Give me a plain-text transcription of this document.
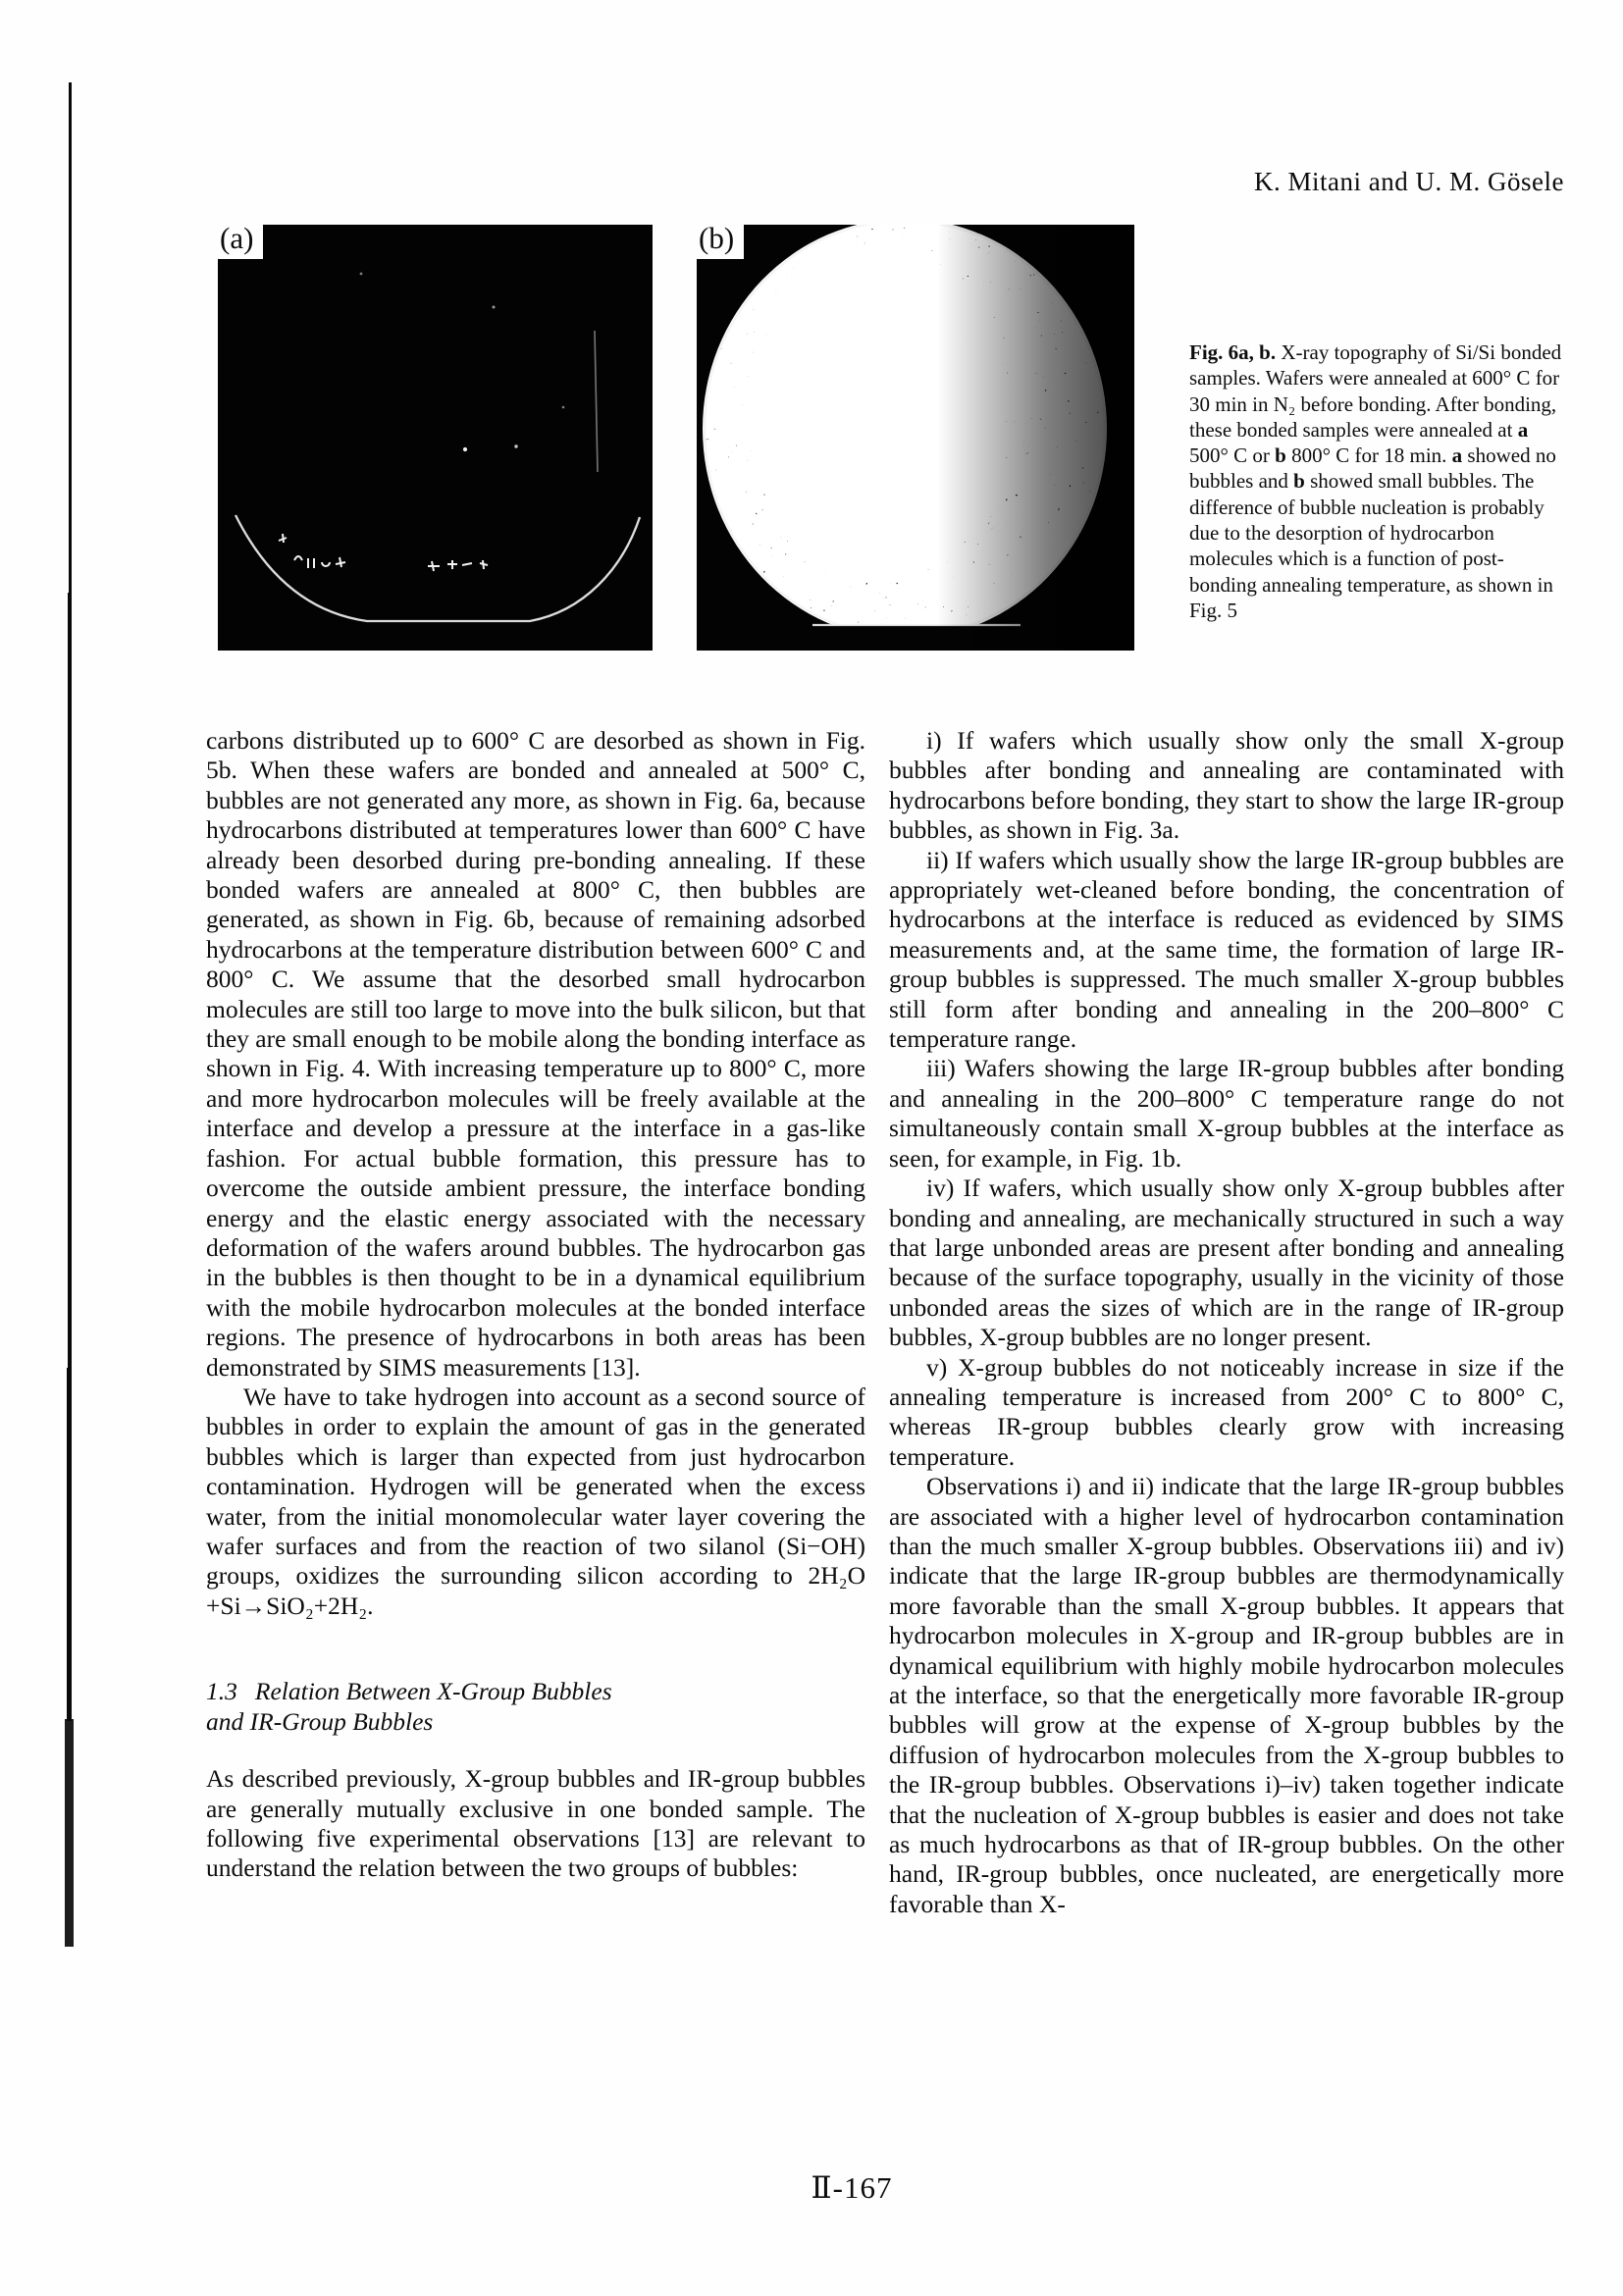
K. Mitani and U. M. Gösele
(a)	(b)
Fig. 6a, b. X-ray topography of Si/Si bonded samples. Wafers were annealed at 600° C for 30 min in N₂ before bonding. After bonding, these bonded samples were annealed at a 500° C or b 800° C for 18 min. a showed no bubbles and b showed small bubbles. The difference of bubble nucleation is probably due to the desorption of hydrocarbon molecules which is a function of post-bonding annealing temperature, as shown in Fig. 5

carbons distributed up to 600° C are desorbed as shown in Fig. 5b. When these wafers are bonded and annealed at 500° C, bubbles are not generated any more, as shown in Fig. 6a, because hydrocarbons distributed at temperatures lower than 600° C have already been desorbed during pre-bonding annealing. If these bonded wafers are annealed at 800° C, then bubbles are generated, as shown in Fig. 6b, because of remaining adsorbed hydrocarbons at the temperature distribution between 600° C and 800° C. We assume that the desorbed small hydrocarbon molecules are still too large to move into the bulk silicon, but that they are small enough to be mobile along the bonding interface as shown in Fig. 4. With increasing temperature up to 800° C, more and more hydrocarbon molecules will be freely available at the interface and develop a pressure at the interface in a gas-like fashion. For actual bubble formation, this pressure has to overcome the outside ambient pressure, the interface bonding energy and the elastic energy associated with the necessary deformation of the wafers around bubbles. The hydrocarbon gas in the bubbles is then thought to be in a dynamical equilibrium with the mobile hydrocarbon molecules at the bonded interface regions. The presence of hydrocarbons in both areas has been demonstrated by SIMS measurements [13].

We have to take hydrogen into account as a second source of bubbles in order to explain the amount of gas in the generated bubbles which is larger than expected from just hydrocarbon contamination. Hydrogen will be generated when the excess water, from the initial monomolecular water layer covering the wafer surfaces and from the reaction of two silanol (Si−OH) groups, oxidizes the surrounding silicon according to 2H₂O +Si→SiO₂+2H₂.

1.3 Relation Between X-Group Bubbles
and IR-Group Bubbles

As described previously, X-group bubbles and IR-group bubbles are generally mutually exclusive in one bonded sample. The following five experimental observations [13] are relevant to understand the relation between the two groups of bubbles:

i) If wafers which usually show only the small X-group bubbles after bonding and annealing are contaminated with hydrocarbons before bonding, they start to show the large IR-group bubbles, as shown in Fig. 3a.

ii) If wafers which usually show the large IR-group bubbles are appropriately wet-cleaned before bonding, the concentration of hydrocarbons at the interface is reduced as evidenced by SIMS measurements and, at the same time, the formation of large IR-group bubbles is suppressed. The much smaller X-group bubbles still form after bonding and annealing in the 200–800° C temperature range.

iii) Wafers showing the large IR-group bubbles after bonding and annealing in the 200–800° C temperature range do not simultaneously contain small X-group bubbles at the interface as seen, for example, in Fig. 1b.

iv) If wafers, which usually show only X-group bubbles after bonding and annealing, are mechanically structured in such a way that large unbonded areas are present after bonding and annealing because of the surface topography, usually in the vicinity of those unbonded areas the sizes of which are in the range of IR-group bubbles, X-group bubbles are no longer present.

v) X-group bubbles do not noticeably increase in size if the annealing temperature is increased from 200° C to 800° C, whereas IR-group bubbles clearly grow with increasing temperature.

Observations i) and ii) indicate that the large IR-group bubbles are associated with a higher level of hydrocarbon contamination than the much smaller X-group bubbles. Observations iii) and iv) indicate that the large IR-group bubbles are thermodynamically more favorable than the small X-group bubbles. It appears that hydrocarbon molecules in X-group and IR-group bubbles are in dynamical equilibrium with highly mobile hydrocarbon molecules at the interface, so that the energetically more favorable IR-group bubbles will grow at the expense of X-group bubbles by the diffusion of hydrocarbon molecules from the X-group bubbles to the IR-group bubbles. Observations i)–iv) taken together indicate that the nucleation of X-group bubbles is easier and does not take as much hydrocarbons as that of IR-group bubbles. On the other hand, IR-group bubbles, once nucleated, are energetically more favorable than X-

Ⅱ-167
